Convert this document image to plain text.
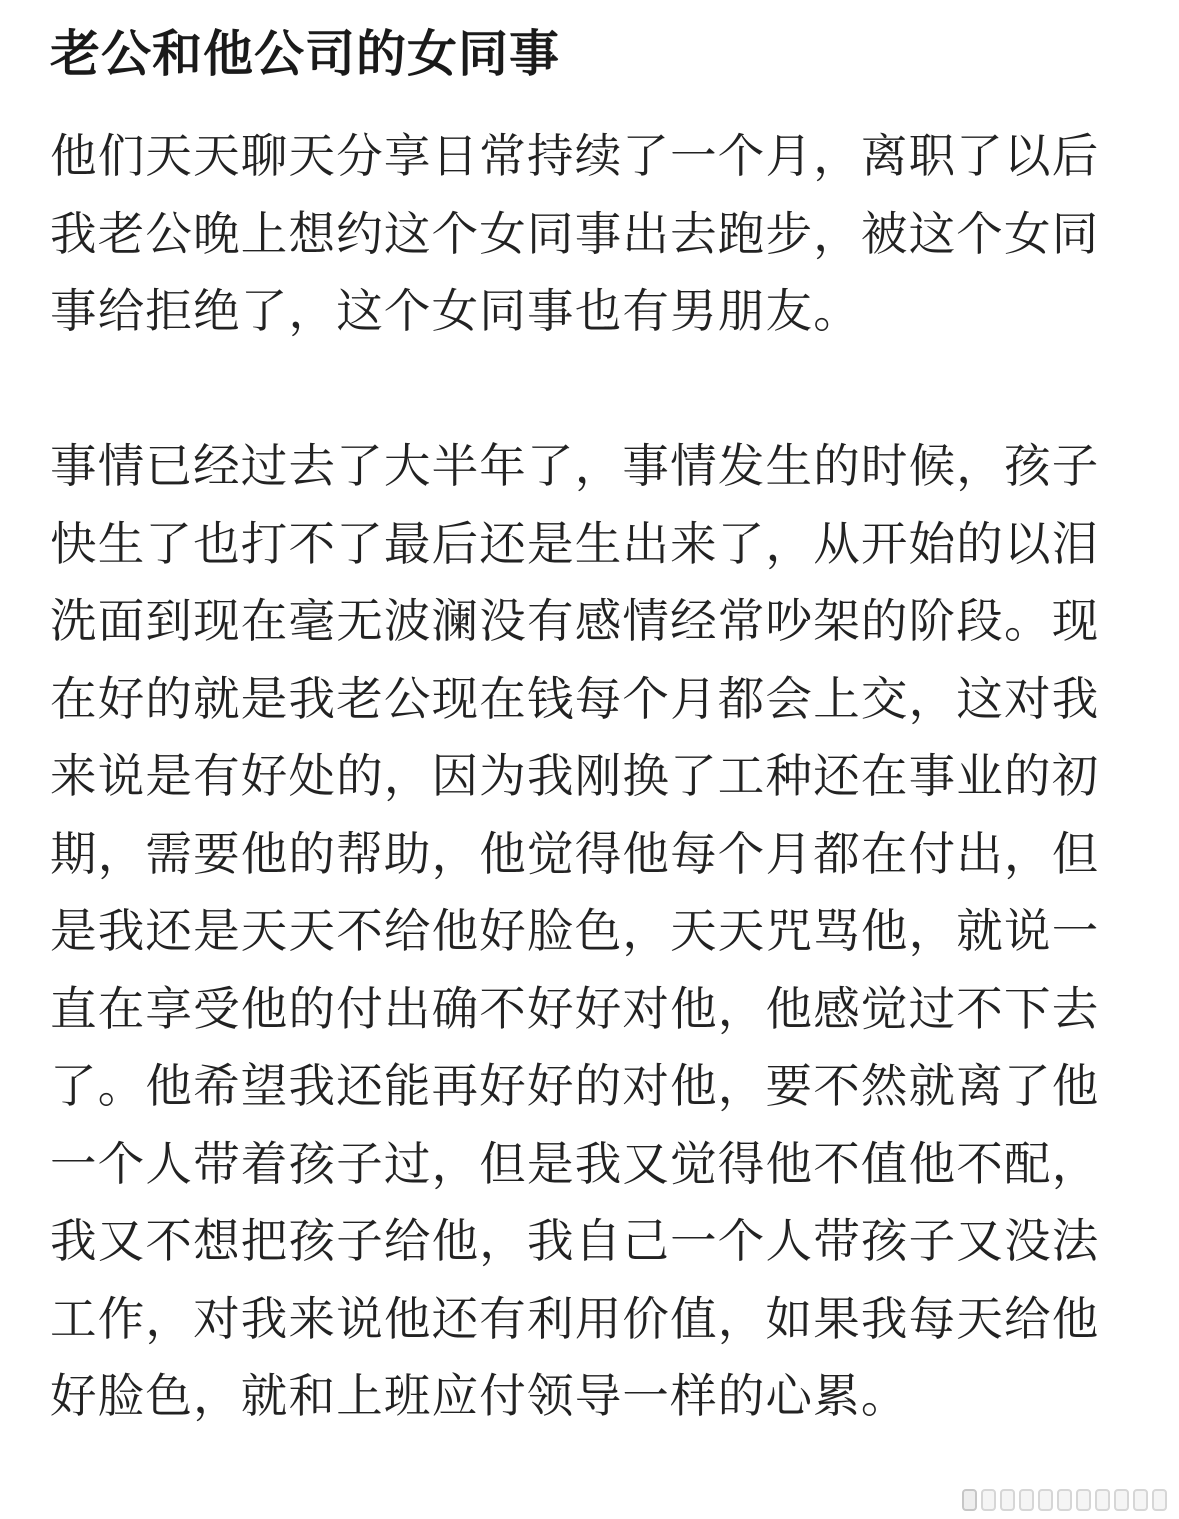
老公和他公司的女同事

他们天天聊天分享日常持续了一个月，离职了以后
我老公晚上想约这个女同事出去跑步，被这个女同
事给拒绝了，这个女同事也有男朋友。

事情已经过去了大半年了，事情发生的时候，孩子
快生了也打不了最后还是生出来了，从开始的以泪
洗面到现在毫无波澜没有感情经常吵架的阶段。现
在好的就是我老公现在钱每个月都会上交，这对我
来说是有好处的，因为我刚换了工种还在事业的初
期，需要他的帮助，他觉得他每个月都在付出，但
是我还是天天不给他好脸色，天天咒骂他，就说一
直在享受他的付出确不好好对他，他感觉过不下去
了。他希望我还能再好好的对他，要不然就离了他
一个人带着孩子过，但是我又觉得他不值他不配，
我又不想把孩子给他，我自己一个人带孩子又没法
工作，对我来说他还有利用价值，如果我每天给他
好脸色，就和上班应付领导一样的心累。
